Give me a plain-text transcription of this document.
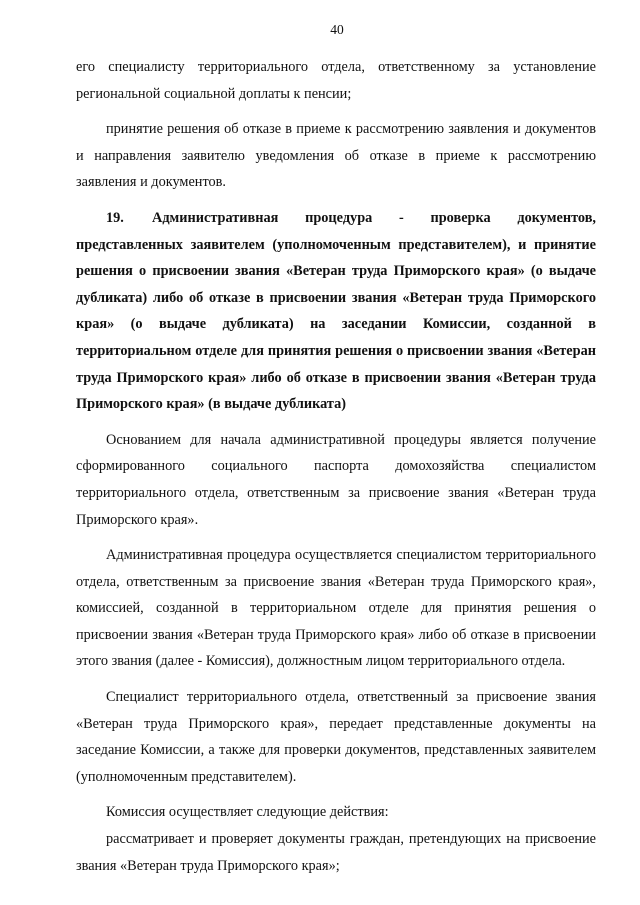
40

его специалисту территориального отдела, ответственному за установление региональной социальной доплаты к пенсии;

принятие решения об отказе в приеме к рассмотрению заявления и документов и направления заявителю уведомления об отказе в приеме к рассмотрению заявления и документов.

19. Административная процедура - проверка документов, представленных заявителем (уполномоченным представителем), и принятие решения о присвоении звания «Ветеран труда Приморского края» (о выдаче дубликата) либо об отказе в присвоении звания «Ветеран труда Приморского края» (о выдаче дубликата) на заседании Комиссии, созданной в территориальном отделе для принятия решения о присвоении звания «Ветеран труда Приморского края» либо об отказе в присвоении звания «Ветеран труда Приморского края» (в выдаче дубликата)

Основанием для начала административной процедуры является получение сформированного социального паспорта домохозяйства специалистом территориального отдела, ответственным за присвоение звания «Ветеран труда Приморского края».

Административная процедура осуществляется специалистом территориального отдела, ответственным за присвоение звания «Ветеран труда Приморского края», комиссией, созданной в территориальном отделе для принятия решения о присвоении звания «Ветеран труда Приморского края» либо об отказе в присвоении этого звания (далее - Комиссия), должностным лицом территориального отдела.

Специалист территориального отдела, ответственный за присвоение звания «Ветеран труда Приморского края», передает представленные документы на заседание Комиссии, а также для проверки документов, представленных заявителем (уполномоченным представителем).

Комиссия осуществляет следующие действия:

рассматривает и проверяет документы граждан, претендующих на присвоение звания «Ветеран труда Приморского края»;
